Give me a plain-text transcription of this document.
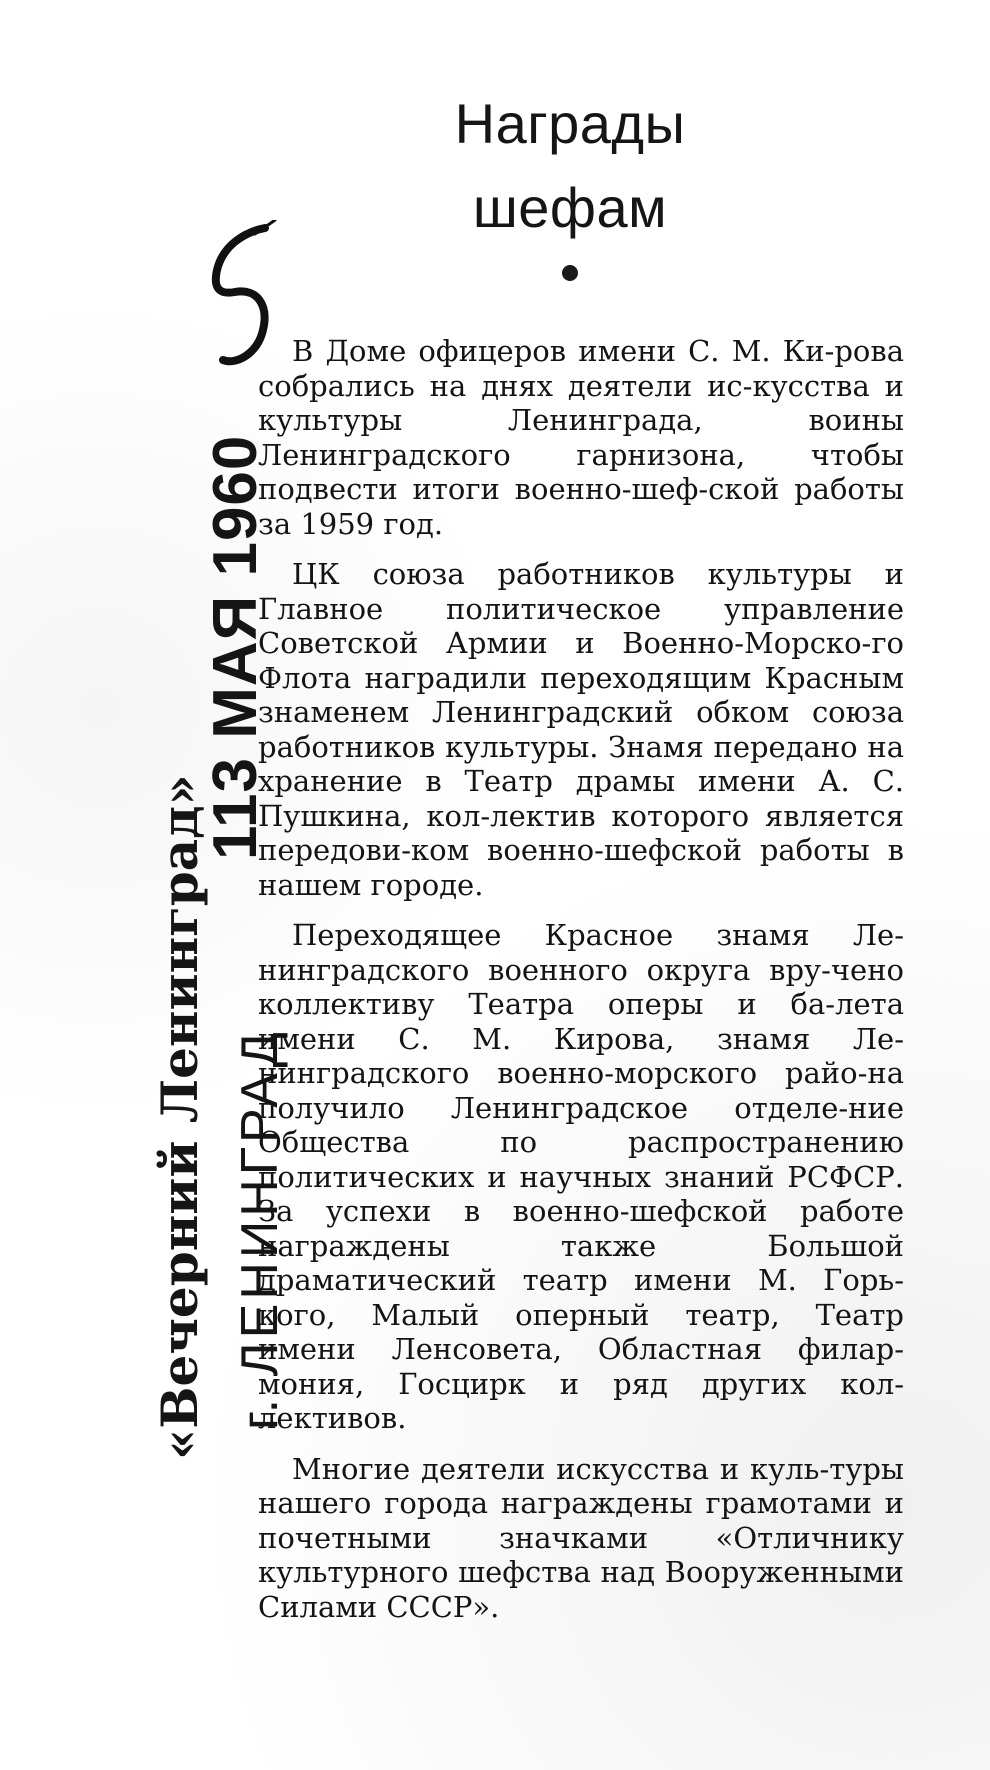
Награды
шефам
113 МАЯ 1960
«Вечерний Ленинград» г. ЛЕНИНГРАД

В Доме офицеров имени С. М. Ки-рова собрались на днях деятели ис-кусства и культуры Ленинграда, воины Ленинградского гарнизона, чтобы подвести итоги военно-шеф-ской работы за 1959 год.

ЦК союза работников культуры и Главное политическое управление Советской Армии и Военно-Морско-го Флота наградили переходящим Красным знаменем Ленинградский обком союза работников культуры. Знамя передано на хранение в Театр драмы имени А. С. Пушкина, кол-лектив которого является передови-ком военно-шефской работы в нашем городе.

Переходящее Красное знамя Ле-нинградского военного округа вру-чено коллективу Театра оперы и ба-лета имени С. М. Кирова, знамя Ле-нинградского военно-морского райо-на получило Ленинградское отделе-ние Общества по распространению политических и научных знаний РСФСР. За успехи в военно-шефской работе награждены также Большой драматический театр имени М. Горь-кого, Малый оперный театр, Театр имени Ленсовета, Областная филар-мония, Госцирк и ряд других кол-лективов.

Многие деятели искусства и куль-туры нашего города награждены грамотами и почетными значками «Отличнику культурного шефства над Вооруженными Силами СССР».
